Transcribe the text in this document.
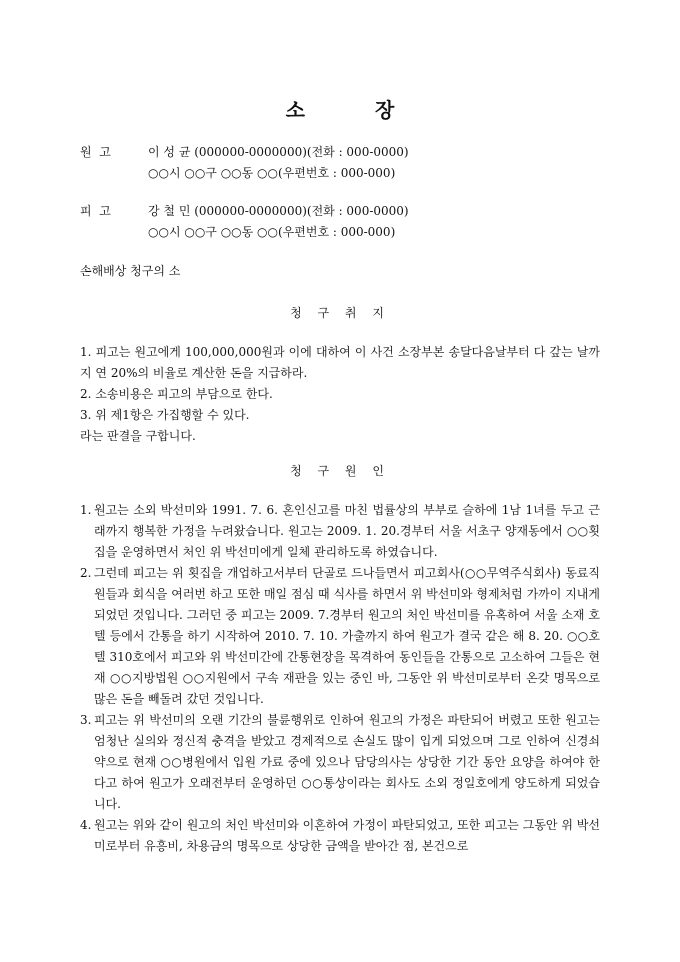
소	장
원  고	이 성 균 (000000-0000000)(전화 : 000-0000)
○○시 ○○구 ○○동 ○○(우편번호 : 000-000)
피  고	강 철 민 (000000-0000000)(전화 : 000-0000)
○○시 ○○구 ○○동 ○○(우편번호 : 000-000)
손해배상 청구의 소
청 구 취 지

1. 피고는 원고에게 100,000,000원과 이에 대하여 이 사건 소장부본 송달다음날부터 다 갚는 날까지 연 20%의 비율로 계산한 돈을 지급하라.

2. 소송비용은 피고의 부담으로 한다.

3. 위 제1항은 가집행할 수 있다.

라는 판결을 구합니다.

청 구 원 인
1. 원고는 소외 박선미와 1991. 7. 6. 혼인신고를 마친 법률상의 부부로 슬하에 1남 1녀를 두고 근래까지 행복한 가정을 누려왔습니다. 원고는 2009. 1. 20.경부터 서울 서초구 양재동에서 ○○횟집을 운영하면서 처인 위 박선미에게 일체 관리하도록 하였습니다.
2. 그런데 피고는 위 횟집을 개업하고서부터 단골로 드나들면서 피고회사(○○무역주식회사) 동료직원들과 회식을 여러번 하고 또한 매일 점심 때 식사를 하면서 위 박선미와 형제처럼 가까이 지내게 되었던 것입니다. 그러던 중 피고는 2009. 7.경부터 원고의 처인 박선미를 유혹하여 서울 소재 호텔 등에서 간통을 하기 시작하여 2010. 7. 10. 가출까지 하여 원고가 결국 같은 해 8. 20. ○○호텔 310호에서 피고와 위 박선미간에 간통현장을 목격하여 동인들을 간통으로 고소하여 그들은 현재 ○○지방법원 ○○지원에서 구속 재판을 있는 중인 바, 그동안 위 박선미로부터 온갖 명목으로 많은 돈을 빼돌려 갔던 것입니다.
3. 피고는 위 박선미의 오랜 기간의 불륜행위로 인하여 원고의 가정은 파탄되어 버렸고 또한 원고는 엄청난 실의와 정신적 충격을 받았고 경제적으로 손실도 많이 입게 되었으며 그로 인하여 신경쇠약으로 현재 ○○병원에서 입원 가료 중에 있으나 담당의사는 상당한 기간 동안 요양을 하여야 한다고 하여 원고가 오래전부터 운영하던 ○○통상이라는 회사도 소외 정일호에게 양도하게 되었습니다.
4. 원고는 위와 같이 원고의 처인 박선미와 이혼하여 가정이 파탄되었고, 또한 피고는 그동안 위 박선미로부터 유흥비, 차용금의 명목으로 상당한 금액을 받아간 점, 본건으로
